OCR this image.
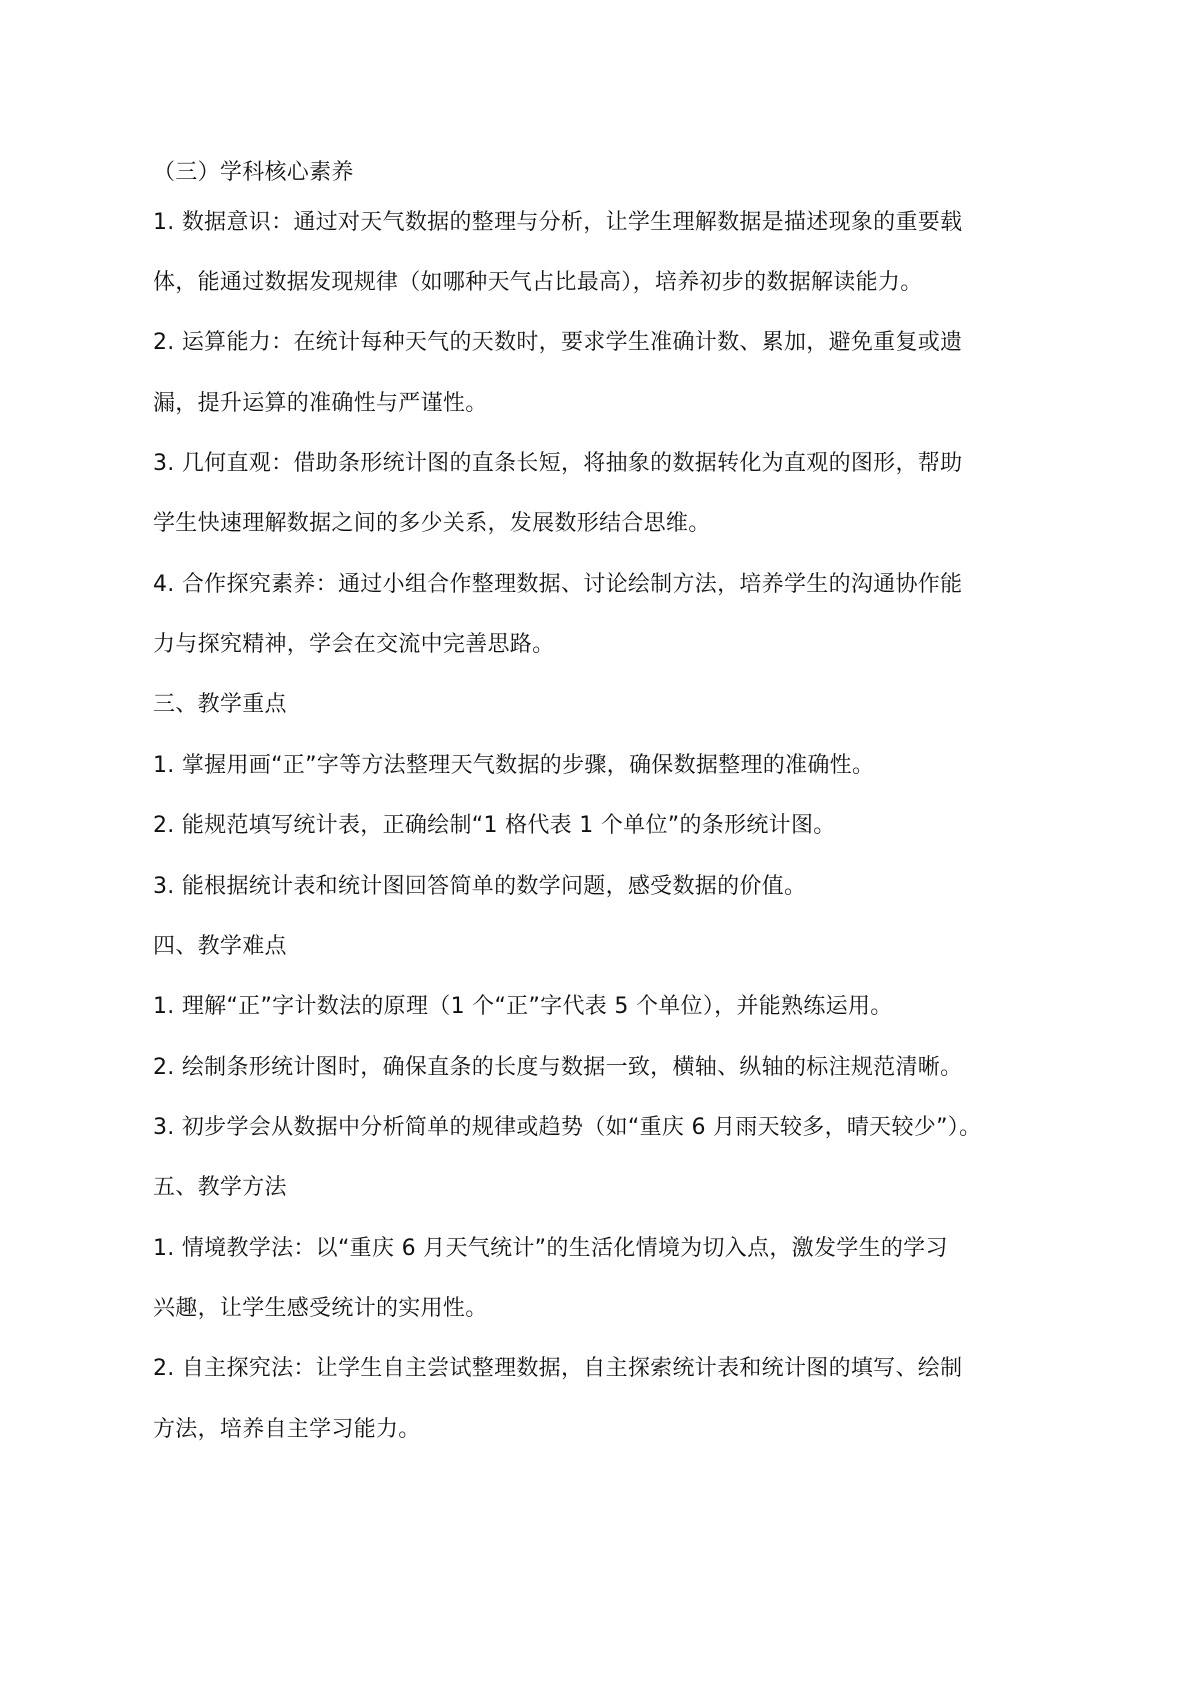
（三）学科核心素养

1. 数据意识：通过对天气数据的整理与分析，让学生理解数据是描述现象的重要载

体，能通过数据发现规律（如哪种天气占比最高），培养初步的数据解读能力。

2. 运算能力：在统计每种天气的天数时，要求学生准确计数、累加，避免重复或遗

漏，提升运算的准确性与严谨性。

3. 几何直观：借助条形统计图的直条长短，将抽象的数据转化为直观的图形，帮助

学生快速理解数据之间的多少关系，发展数形结合思维。

4. 合作探究素养：通过小组合作整理数据、讨论绘制方法，培养学生的沟通协作能

力与探究精神，学会在交流中完善思路。

三、教学重点

1. 掌握用画“正”字等方法整理天气数据的步骤，确保数据整理的准确性。

2. 能规范填写统计表，正确绘制“1 格代表 1 个单位”的条形统计图。

3. 能根据统计表和统计图回答简单的数学问题，感受数据的价值。

四、教学难点

1. 理解“正”字计数法的原理（1 个“正”字代表 5 个单位），并能熟练运用。

2. 绘制条形统计图时，确保直条的长度与数据一致，横轴、纵轴的标注规范清晰。

3. 初步学会从数据中分析简单的规律或趋势（如“重庆 6 月雨天较多，晴天较少”）。

五、教学方法

1. 情境教学法：以“重庆 6 月天气统计”的生活化情境为切入点，激发学生的学习

兴趣，让学生感受统计的实用性。

2. 自主探究法：让学生自主尝试整理数据，自主探索统计表和统计图的填写、绘制

方法，培养自主学习能力。
